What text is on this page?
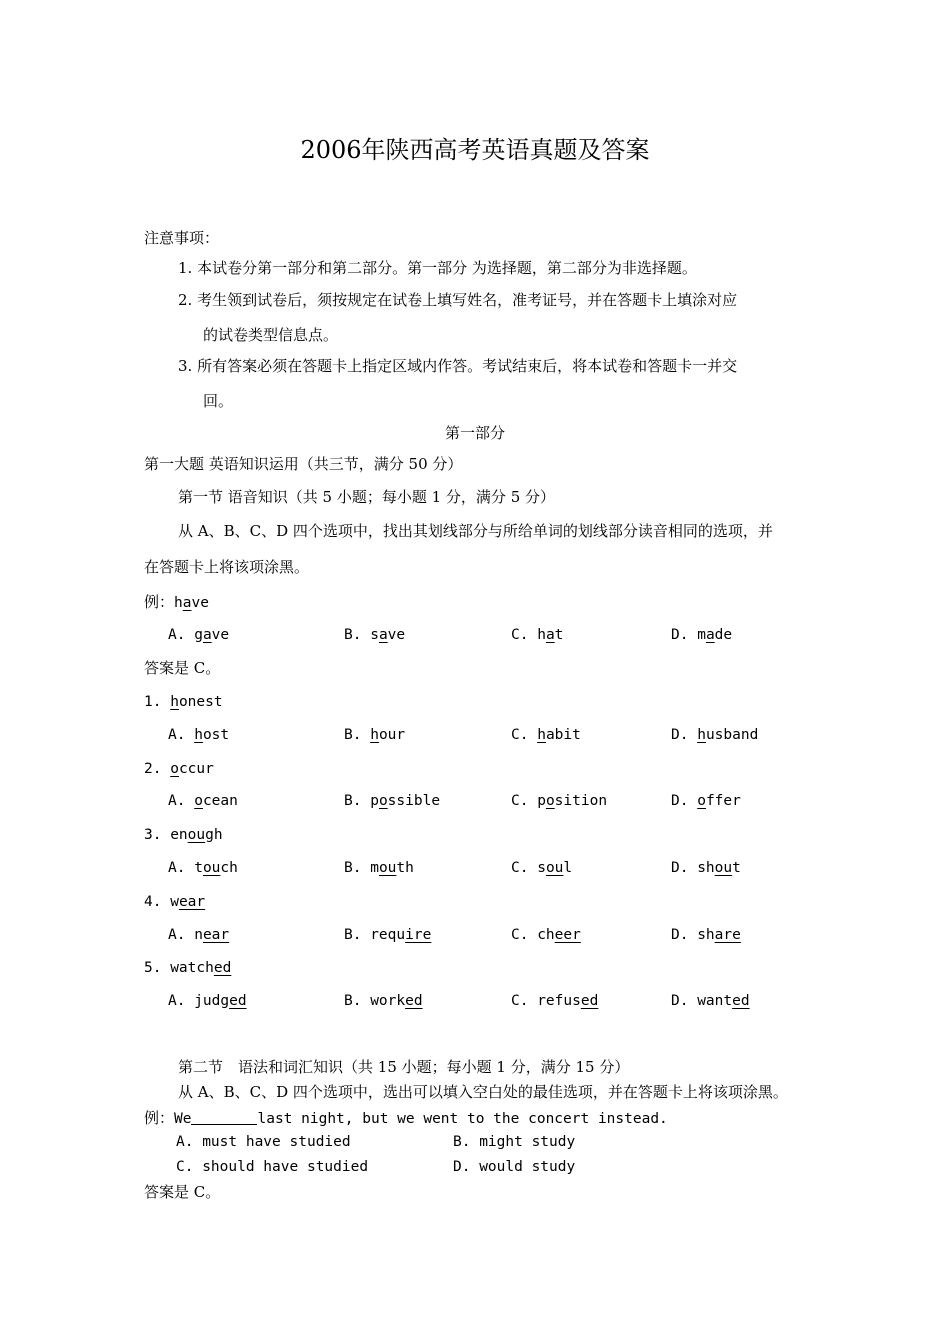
2006年陕西高考英语真题及答案
注意事项：
1. 本试卷分第一部分和第二部分。第一部分 为选择题，第二部分为非选择题。
2. 考生领到试卷后，须按规定在试卷上填写姓名，准考证号，并在答题卡上填涂对应
的试卷类型信息点。
3. 所有答案必须在答题卡上指定区域内作答。考试结束后，将本试卷和答题卡一并交
回。
第一部分
第一大题 英语知识运用（共三节，满分 50 分）
第一节 语音知识（共 5 小题；每小题 1 分，满分 5 分）
从 A、B、C、D 四个选项中，找出其划线部分与所给单词的划线部分读音相同的选项，并
在答题卡上将该项涂黑。
例：have
A. gave	B. save	C. hat	D. made
答案是 C。
1. honest
A. host	B. hour	C. habit	D. husband
2. occur
A. ocean	B. possible	C. position	D. offer
3. enough
A. touch	B. mouth	C. soul	D. shout
4. wear
A. near	B. require	C. cheer	D. share
5. watched
A. judged	B. worked	C. refused	D. wanted
第二节　语法和词汇知识（共 15 小题；每小题 1 分，满分 15 分）
从 A、B、C、D 四个选项中，选出可以填入空白处的最佳选项，并在答题卡上将该项涂黑。
例：We	last night, but we went to the concert instead.
A. must have studied	B. might study
C. should have studied	D. would study
答案是 C。
